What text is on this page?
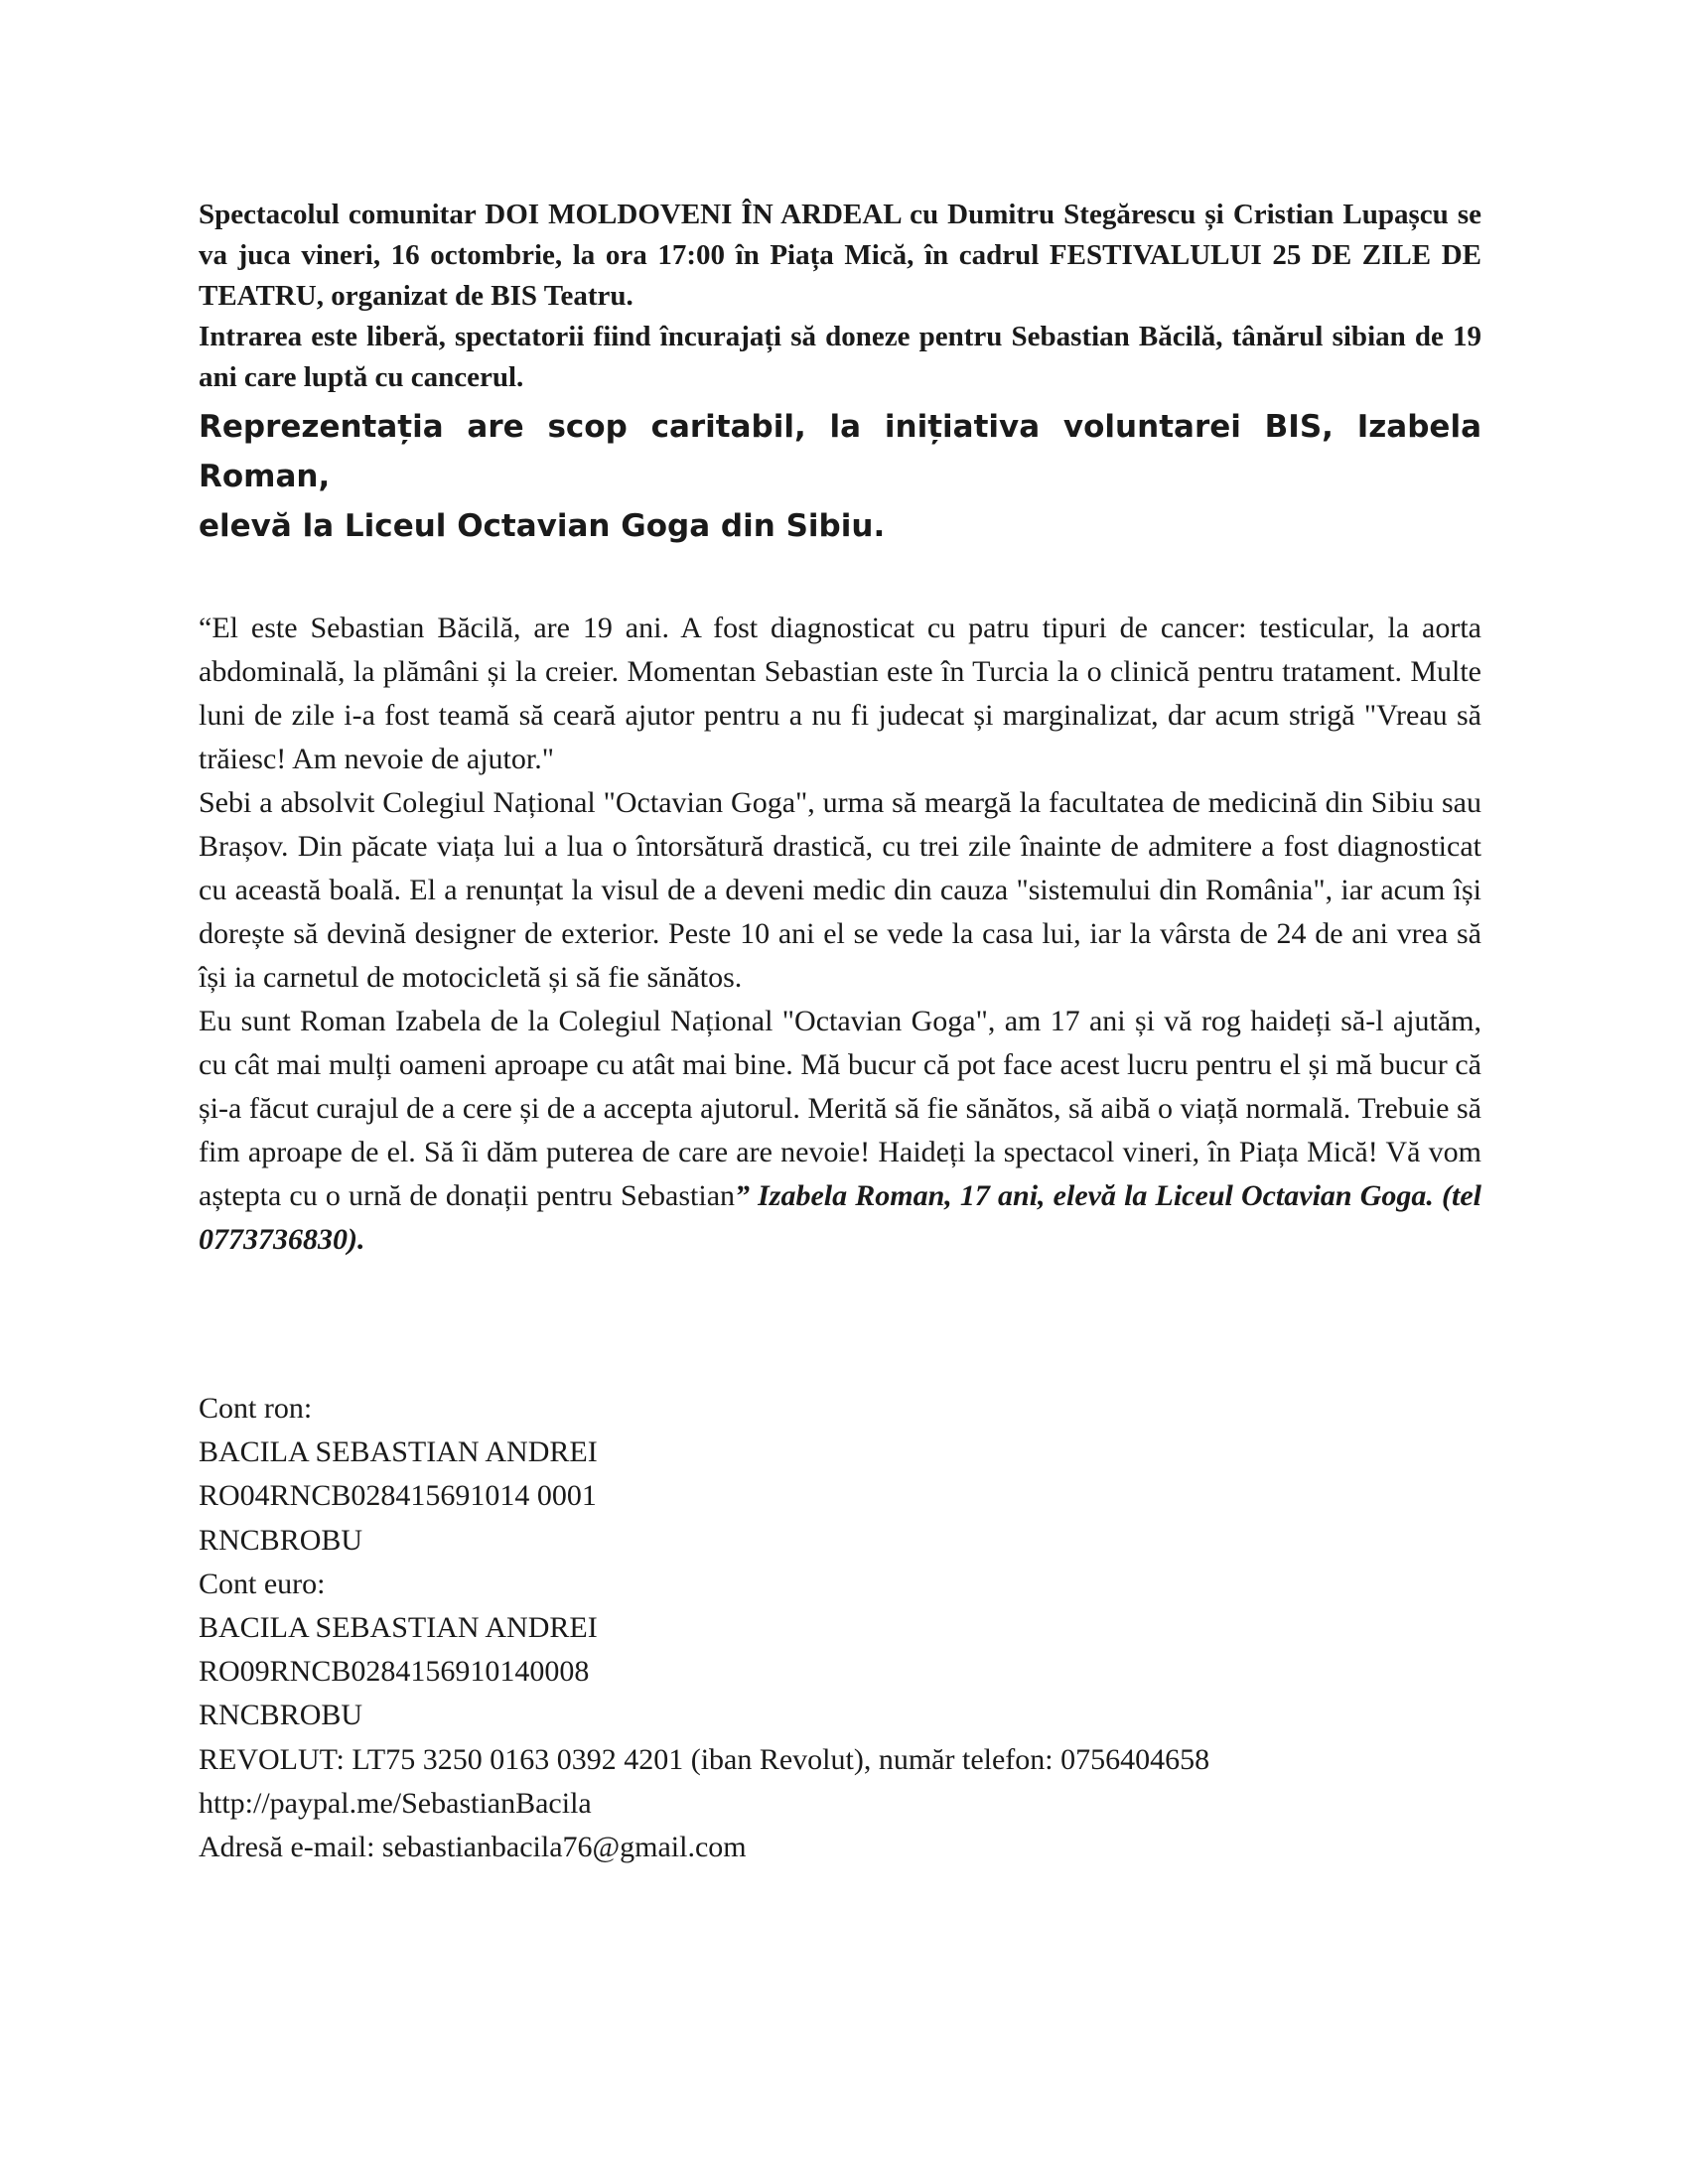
Spectacolul comunitar DOI MOLDOVENI ÎN ARDEAL cu Dumitru Stegărescu și Cristian Lupașcu se va juca vineri, 16 octombrie, la ora 17:00 în Piața Mică, în cadrul FESTIVALULUI 25 DE ZILE DE TEATRU, organizat de BIS Teatru.

Intrarea este liberă, spectatorii fiind încurajați să doneze pentru Sebastian Băcilă, tânărul sibian de 19 ani care luptă cu cancerul.

Reprezentația are scop caritabil, la inițiativa voluntarei BIS, Izabela Roman,
elevă la Liceul Octavian Goga din Sibiu.

“El este Sebastian Băcilă, are 19 ani. A fost diagnosticat cu patru tipuri de cancer: testicular, la aorta abdominală, la plămâni și la creier. Momentan Sebastian este în Turcia la o clinică pentru tratament. Multe luni de zile i-a fost teamă să ceară ajutor pentru a nu fi judecat și marginalizat, dar acum strigă "Vreau să trăiesc! Am nevoie de ajutor."

Sebi a absolvit Colegiul Național "Octavian Goga", urma să meargă la facultatea de medicină din Sibiu sau Brașov. Din păcate viața lui a lua o întorsătură drastică, cu trei zile înainte de admitere a fost diagnosticat cu această boală. El a renunțat la visul de a deveni medic din cauza "sistemului din România", iar acum își dorește să devină designer de exterior. Peste 10 ani el se vede la casa lui, iar la vârsta de 24 de ani vrea să își ia carnetul de motocicletă și să fie sănătos.

Eu sunt Roman Izabela de la Colegiul Național "Octavian Goga", am 17 ani și vă rog haideți să-l ajutăm, cu cât mai mulți oameni aproape cu atât mai bine. Mă bucur că pot face acest lucru pentru el și mă bucur că și-a făcut curajul de a cere și de a accepta ajutorul. Merită să fie sănătos, să aibă o viață normală. Trebuie să fim aproape de el. Să îi dăm puterea de care are nevoie! Haideți la spectacol vineri, în Piața Mică! Vă vom aștepta cu o urnă de donații pentru Sebastian” Izabela Roman, 17 ani, elevă la Liceul Octavian Goga. (tel 0773736830).

Cont ron:
BACILA SEBASTIAN ANDREI
RO04RNCB028415691014 0001
RNCBROBU
Cont euro:
BACILA SEBASTIAN ANDREI
RO09RNCB0284156910140008
RNCBROBU
REVOLUT: LT75 3250 0163 0392 4201 (iban Revolut), număr telefon: 0756404658
http://paypal.me/SebastianBacila
Adresă e-mail: sebastianbacila76@gmail.com
